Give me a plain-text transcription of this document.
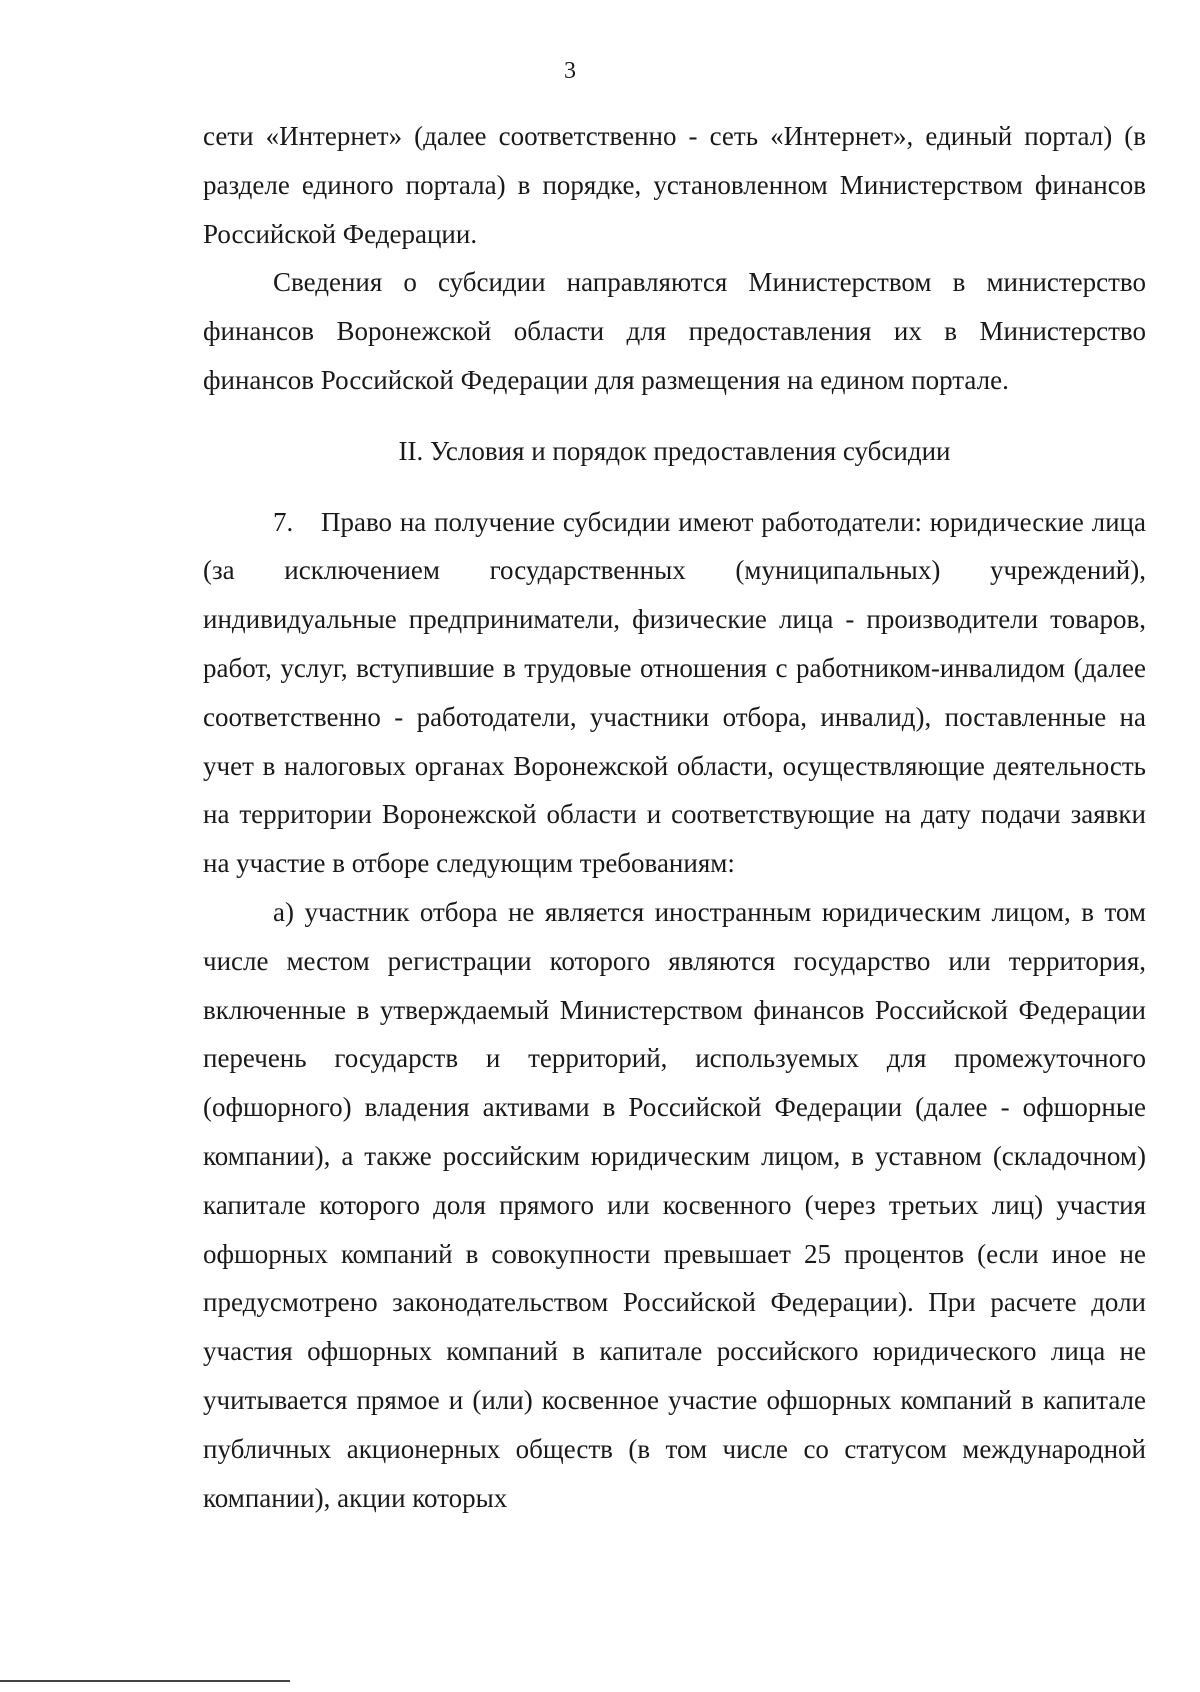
3

сети «Интернет» (далее соответственно - сеть «Интернет», единый портал) (в разделе единого портала) в порядке, установленном Министерством финансов Российской Федерации.

Сведения о субсидии направляются Министерством в министерство финансов Воронежской области для предоставления их в Министерство финансов Российской Федерации для размещения на едином портале.

II. Условия и порядок предоставления субсидии

7. Право на получение субсидии имеют работодатели: юридические лица (за исключением государственных (муниципальных) учреждений), индивидуальные предприниматели, физические лица - производители товаров, работ, услуг, вступившие в трудовые отношения с работником-инвалидом (далее соответственно - работодатели, участники отбора, инвалид), поставленные на учет в налоговых органах Воронежской области, осуществляющие деятельность на территории Воронежской области и соответствующие на дату подачи заявки на участие в отборе следующим требованиям:

а) участник отбора не является иностранным юридическим лицом, в том числе местом регистрации которого являются государство или территория, включенные в утверждаемый Министерством финансов Российской Федерации перечень государств и территорий, используемых для промежуточного (офшорного) владения активами в Российской Федерации (далее - офшорные компании), а также российским юридическим лицом, в уставном (складочном) капитале которого доля прямого или косвенного (через третьих лиц) участия офшорных компаний в совокупности превышает 25 процентов (если иное не предусмотрено законодательством Российской Федерации). При расчете доли участия офшорных компаний в капитале российского юридического лица не учитывается прямое и (или) косвенное участие офшорных компаний в капитале публичных акционерных обществ (в том числе со статусом международной компании), акции которых
